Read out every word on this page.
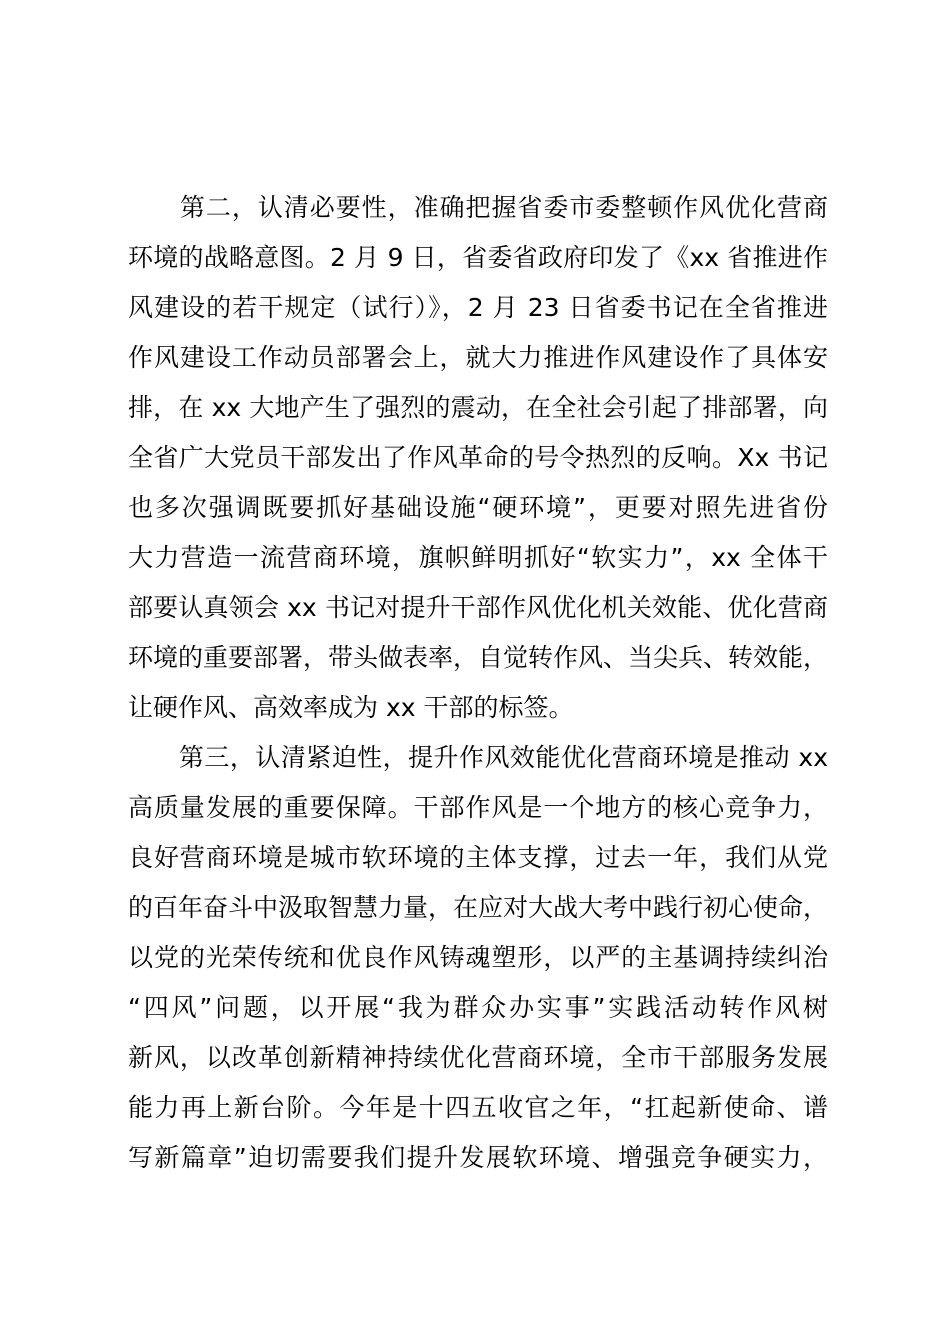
　　第二，认清必要性，准确把握省委市委整顿作风优化营商
环境的战略意图。2 月 9 日，省委省政府印发了《xx 省推进作
风建设的若干规定（试行）》，2 月 23 日省委书记在全省推进
作风建设工作动员部署会上，就大力推进作风建设作了具体安
排，在 xx 大地产生了强烈的震动，在全社会引起了排部署，向
全省广大党员干部发出了作风革命的号令热烈的反响。Xx 书记
也多次强调既要抓好基础设施“硬环境”，更要对照先进省份
大力营造一流营商环境，旗帜鲜明抓好“软实力”，xx 全体干
部要认真领会 xx 书记对提升干部作风优化机关效能、优化营商
环境的重要部署，带头做表率，自觉转作风、当尖兵、转效能，
让硬作风、高效率成为 xx 干部的标签。
　　第三，认清紧迫性，提升作风效能优化营商环境是推动 xx
高质量发展的重要保障。干部作风是一个地方的核心竞争力，
良好营商环境是城市软环境的主体支撑，过去一年，我们从党
的百年奋斗中汲取智慧力量，在应对大战大考中践行初心使命，
以党的光荣传统和优良作风铸魂塑形，以严的主基调持续纠治
“四风”问题，以开展“我为群众办实事”实践活动转作风树
新风，以改革创新精神持续优化营商环境，全市干部服务发展
能力再上新台阶。今年是十四五收官之年，“扛起新使命、谱
写新篇章”迫切需要我们提升发展软环境、增强竞争硬实力，
